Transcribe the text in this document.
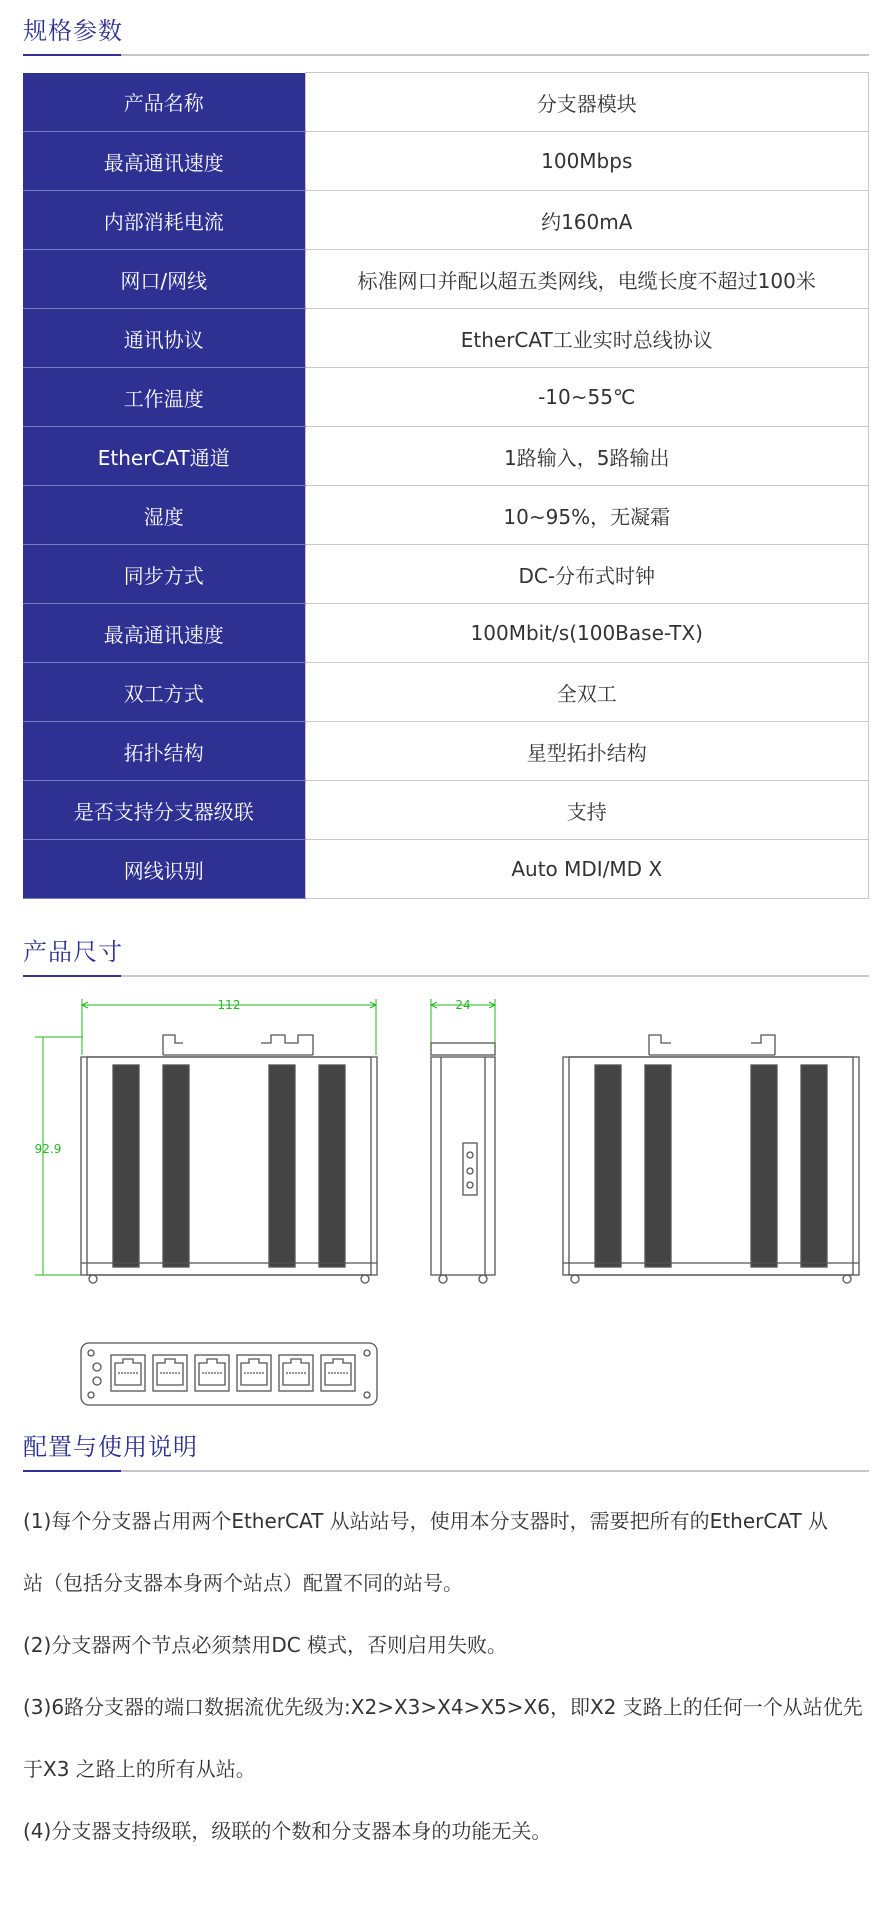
规格参数
产品名称	分支器模块
最高通讯速度	100Mbps
内部消耗电流	约160mA
网口/网线	标准网口并配以超五类网线，电缆长度不超过100米
通讯协议	EtherCAT工业实时总线协议
工作温度	-10~55℃
EtherCAT通道	1路输入，5路输出
湿度	10~95%，无凝霜
同步方式	DC-分布式时钟
最高通讯速度	100Mbit/s(100Base-TX)
双工方式	全双工
拓扑结构	星型拓扑结构
是否支持分支器级联	支持
网线识别	Auto MDI/MD X
产品尺寸
112
92.9
24
配置与使用说明

(1)每个分支器占用两个EtherCAT 从站站号，使用本分支器时，需要把所有的EtherCAT 从

站（包括分支器本身两个站点）配置不同的站号。

(2)分支器两个节点必须禁用DC 模式，否则启用失败。

(3)6路分支器的端口数据流优先级为:X2>X3>X4>X5>X6，即X2 支路上的任何一个从站优先

于X3 之路上的所有从站。

(4)分支器支持级联，级联的个数和分支器本身的功能无关。
